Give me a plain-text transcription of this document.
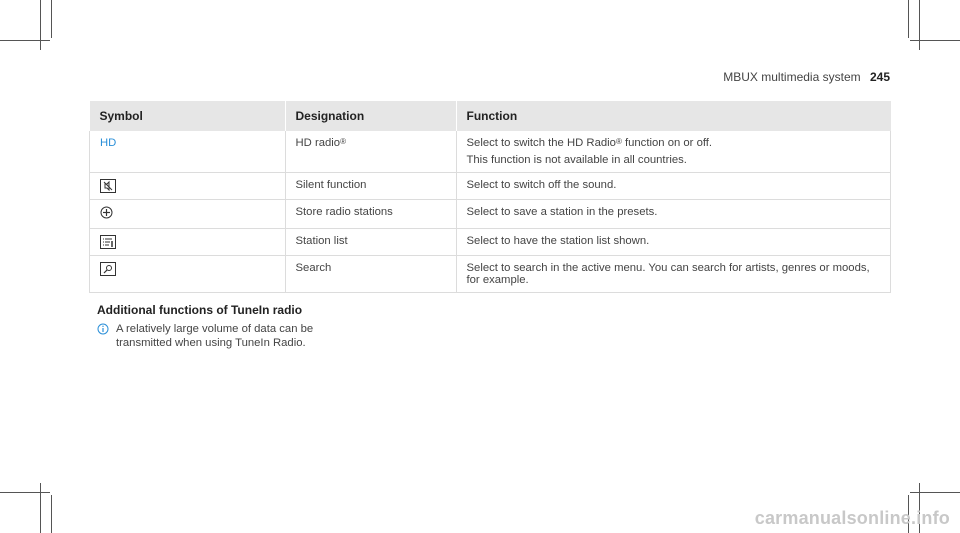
MBUX multimedia system 245
Symbol	Designation	Function
HD	HD radio®	Select to switch the HD Radio® function on or off.
This function is not available in all countries.

	Silent function	Select to switch off the sound.
	Store radio stations	Select to save a station in the presets.

	Station list	Select to have the station list shown.

	Search	Select to search in the active menu. You can search for artists, genres or moods, for example.
Additional functions of TuneIn radio
A relatively large volume of data can be transmitted when using TuneIn Radio.
carmanualsonline.info
